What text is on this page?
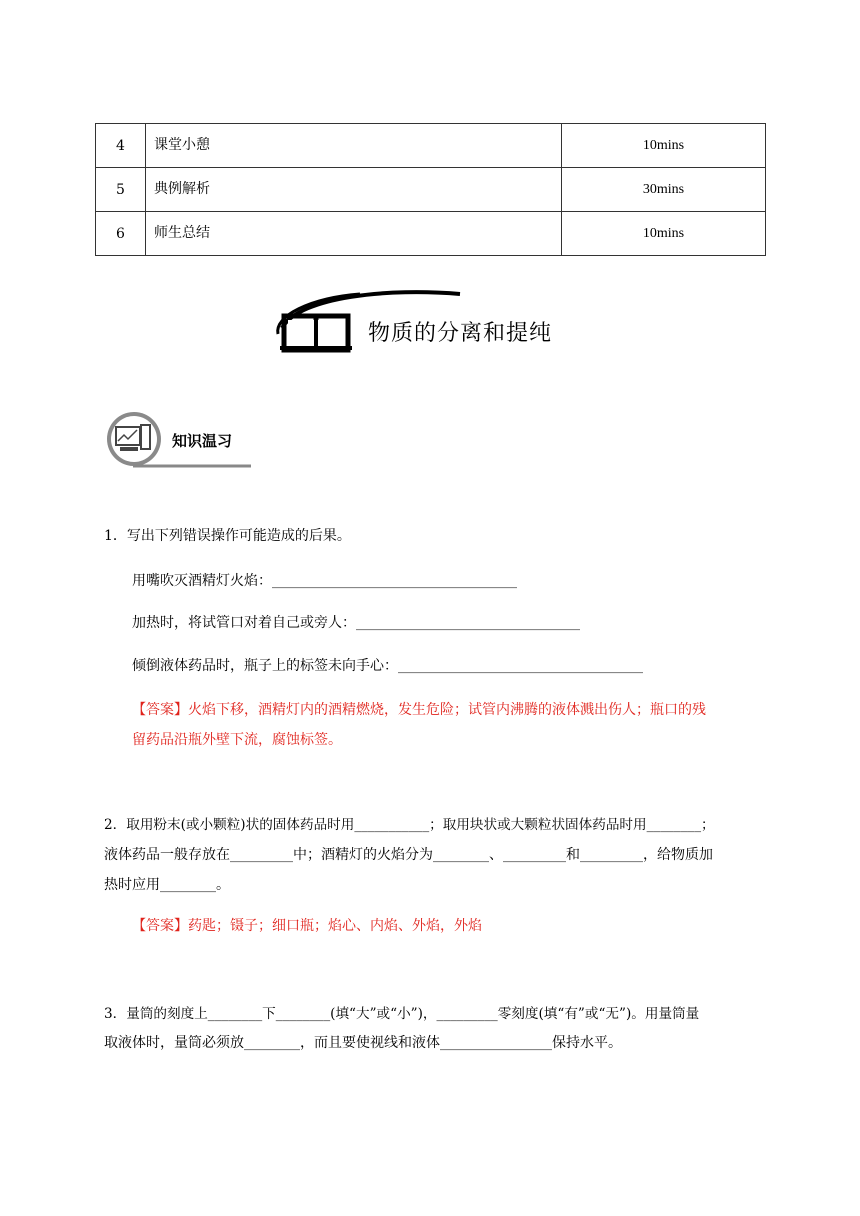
4	课堂小憩	10mins
5	典例解析	30mins
6	师生总结	10mins
物质的分离和提纯
知识温习
1．写出下列错误操作可能造成的后果。
用嘴吹灭酒精灯火焰：___________________________________
加热时，将试管口对着自己或旁人：________________________________
倾倒液体药品时，瓶子上的标签未向手心：___________________________________
【答案】火焰下移，酒精灯内的酒精燃烧，发生危险；试管内沸腾的液体溅出伤人；瓶口的残
留药品沿瓶外壁下流，腐蚀标签。
2．取用粉末(或小颗粒)状的固体药品时用___________；取用块状或大颗粒状固体药品时用________；
液体药品一般存放在_________中；酒精灯的火焰分为________、_________和_________，给物质加
热时应用________。
【答案】药匙；镊子；细口瓶；焰心、内焰、外焰，外焰
3．量筒的刻度上________下________(填“大”或“小”)，_________零刻度(填“有”或“无”)。用量筒量
取液体时，量筒必须放________，而且要使视线和液体________________保持水平。
